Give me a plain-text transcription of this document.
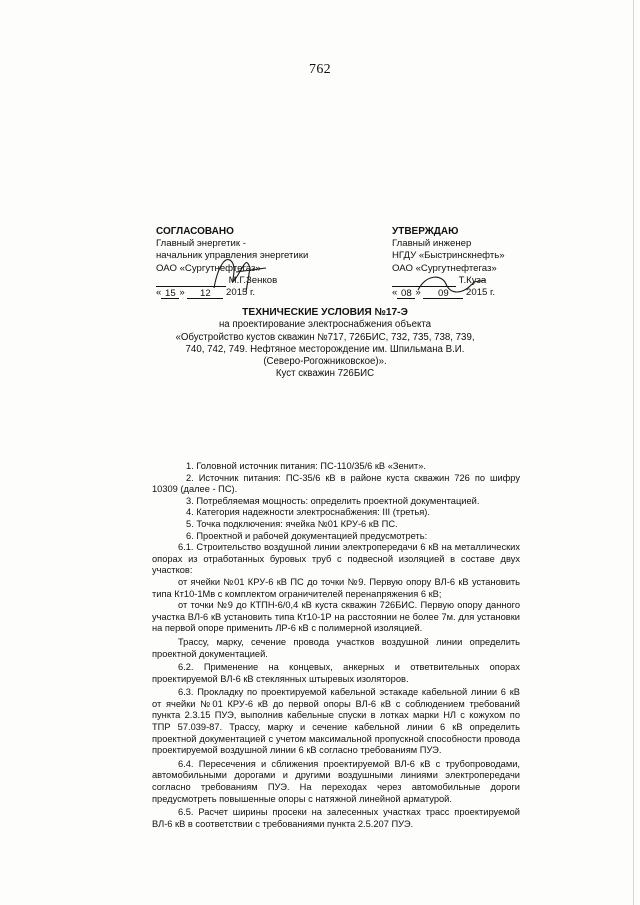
762
СОГЛАСОВАНО
Главный энергетик -
начальник управления энергетики
ОАО «Сургутнефтегаз»
М.Г.Зенков
« 15 » 12 2015 г.
УТВЕРЖДАЮ
Главный инженер
НГДУ «Быстринскнефть»
ОАО «Сургутнефтегаз»
Т.Куза
« 08 » 09 2015 г.
ТЕХНИЧЕСКИЕ УСЛОВИЯ №17-Э
на проектирование электроснабжения объекта
«Обустройство кустов скважин №717, 726БИС, 732, 735, 738, 739,
740, 742, 749. Нефтяное месторождение им. Шпильмана В.И.
(Северо-Рогожниковское)».
Куст скважин 726БИС

1. Головной источник питания: ПС-110/35/6 кВ «Зенит».

2. Источник питания: ПС-35/6 кВ в районе куста скважин 726 по шифру 10309 (далее - ПС).

3. Потребляемая мощность: определить проектной документацией.

4. Категория надежности электроснабжения: III (третья).

5. Точка подключения: ячейка №01 КРУ-6 кВ ПС.

6. Проектной и рабочей документацией предусмотреть:

6.1. Строительство воздушной линии электропередачи 6 кВ на металлических опорах из отработанных буровых труб с подвесной изоляцией в составе двух участков:

от ячейки №01 КРУ-6 кВ ПС до точки №9. Первую опору ВЛ-6 кВ установить типа Кт10-1Мв с комплектом ограничителей перенапряжения 6 кВ;

от точки №9 до КТПН-6/0,4 кВ куста скважин 726БИС. Первую опору данного участка ВЛ-6 кВ установить типа Кт10-1Р на расстоянии не более 7м. для установки на первой опоре применить ЛР-6 кВ с полимерной изоляцией.

Трассу, марку, сечение провода участков воздушной линии определить проектной документацией.

6.2. Применение на концевых, анкерных и ответвительных опорах проектируемой ВЛ-6 кВ стеклянных штыревых изоляторов.

6.3. Прокладку по проектируемой кабельной эстакаде кабельной линии 6 кВ от ячейки №01 КРУ-6 кВ до первой опоры ВЛ-6 кВ с соблюдением требований пункта 2.3.15 ПУЭ, выполнив кабельные спуски в лотках марки НЛ с кожухом по ТПР 57.039-87. Трассу, марку и сечение кабельной линии 6 кВ определить проектной документацией с учетом максимальной пропускной способности провода проектируемой воздушной линии 6 кВ согласно требованиям ПУЭ.

6.4. Пересечения и сближения проектируемой ВЛ-6 кВ с трубопроводами, автомобильными дорогами и другими воздушными линиями электропередачи согласно требованиям ПУЭ. На переходах через автомобильные дороги предусмотреть повышенные опоры с натяжной линейной арматурой.

6.5. Расчет ширины просеки на залесенных участках трасс проектируемой ВЛ-6 кВ в соответствии с требованиями пункта 2.5.207 ПУЭ.
